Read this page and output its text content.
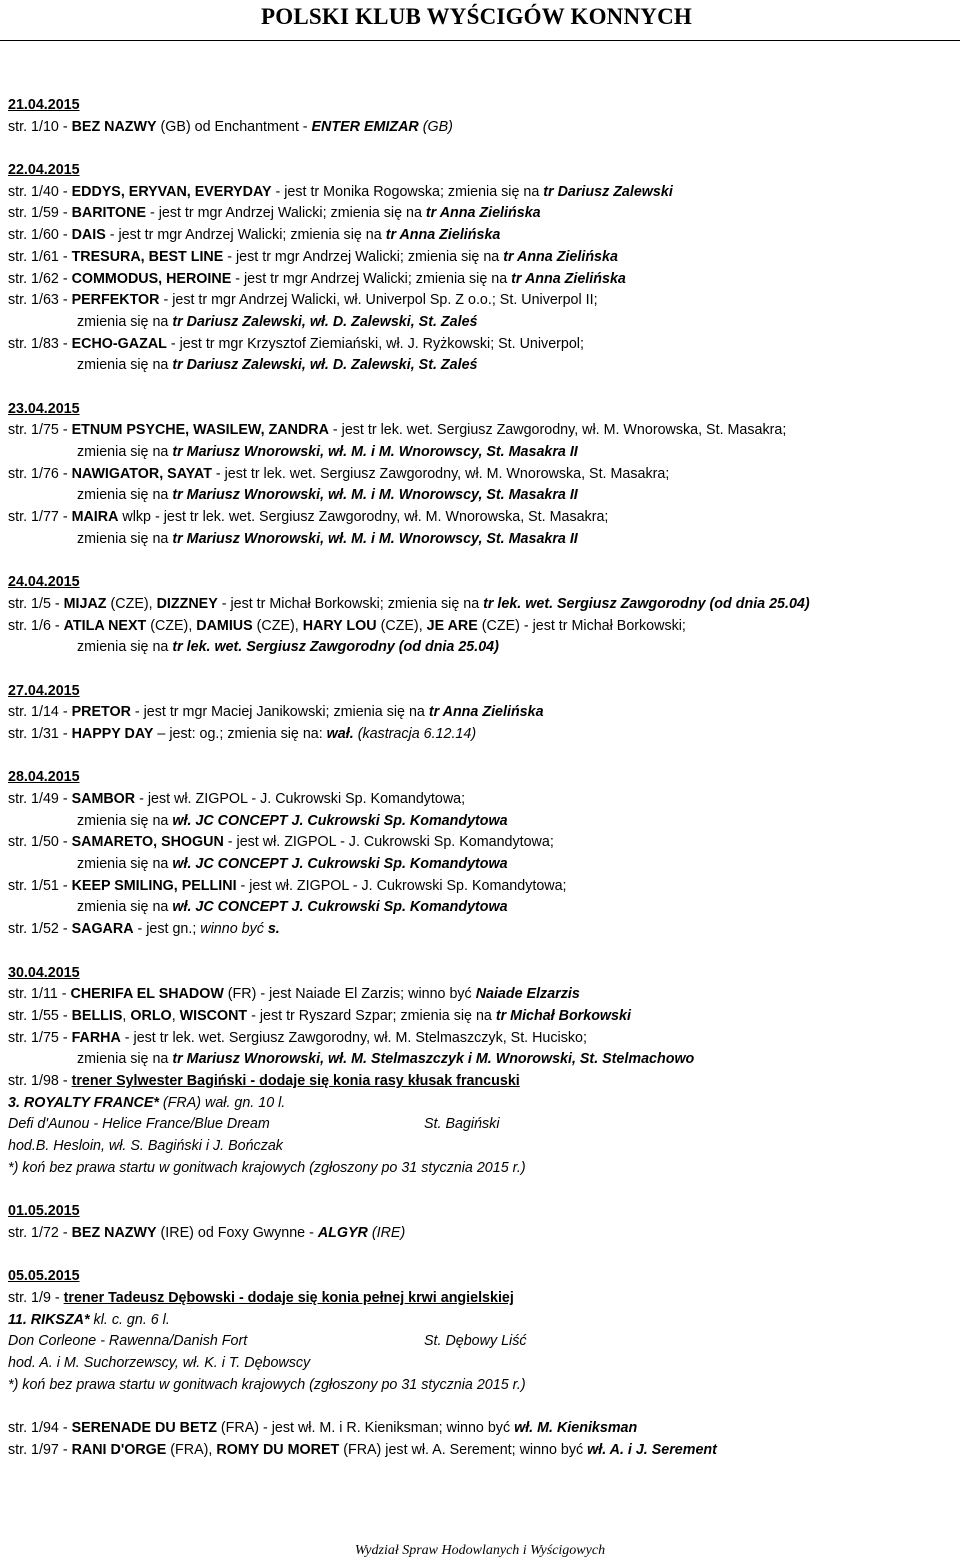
POLSKI KLUB WYŚCIGÓW KONNYCH
21.04.2015
str. 1/10 - BEZ NAZWY (GB) od Enchantment - ENTER EMIZAR (GB)
22.04.2015
str. 1/40 - EDDYS, ERYVAN, EVERYDAY - jest tr Monika Rogowska; zmienia się na tr Dariusz Zalewski
str. 1/59 - BARITONE - jest tr mgr Andrzej Walicki; zmienia się na tr Anna Zielińska
str. 1/60 - DAIS - jest tr mgr Andrzej Walicki; zmienia się na tr Anna Zielińska
str. 1/61 - TRESURA, BEST LINE - jest tr mgr Andrzej Walicki; zmienia się na tr Anna Zielińska
str. 1/62 - COMMODUS, HEROINE - jest tr mgr Andrzej Walicki; zmienia się na tr Anna Zielińska
str. 1/63 - PERFEKTOR - jest tr mgr Andrzej Walicki, wł. Univerpol Sp. Z o.o.; St. Univerpol II;
zmienia się na tr Dariusz Zalewski, wł. D. Zalewski, St. Zaleś
str. 1/83 - ECHO-GAZAL - jest tr mgr Krzysztof Ziemiański, wł. J. Ryżkowski; St. Univerpol;
zmienia się na tr Dariusz Zalewski, wł. D. Zalewski, St. Zaleś
23.04.2015
str. 1/75 - ETNUM PSYCHE, WASILEW, ZANDRA - jest tr lek. wet. Sergiusz Zawgorodny, wł. M. Wnorowska, St. Masakra;
zmienia się na tr Mariusz Wnorowski, wł. M. i M. Wnorowscy, St. Masakra II
str. 1/76 - NAWIGATOR, SAYAT - jest tr lek. wet. Sergiusz Zawgorodny, wł. M. Wnorowska, St. Masakra;
zmienia się na tr Mariusz Wnorowski, wł. M. i M. Wnorowscy, St. Masakra II
str. 1/77 - MAIRA wlkp - jest tr lek. wet. Sergiusz Zawgorodny, wł. M. Wnorowska, St. Masakra;
zmienia się na tr Mariusz Wnorowski, wł. M. i M. Wnorowscy, St. Masakra II
24.04.2015
str. 1/5 - MIJAZ (CZE), DIZZNEY - jest tr Michał Borkowski; zmienia się na tr lek. wet. Sergiusz Zawgorodny (od dnia 25.04)
str. 1/6 - ATILA NEXT (CZE), DAMIUS (CZE), HARY LOU (CZE), JE ARE (CZE) - jest tr Michał Borkowski;
zmienia się na tr lek. wet. Sergiusz Zawgorodny (od dnia 25.04)
27.04.2015
str. 1/14 - PRETOR - jest tr mgr Maciej Janikowski; zmienia się na tr Anna Zielińska
str. 1/31 - HAPPY DAY – jest: og.; zmienia się na: wał. (kastracja 6.12.14)
28.04.2015
str. 1/49 - SAMBOR - jest wł. ZIGPOL - J. Cukrowski Sp. Komandytowa;
zmienia się na wł. JC CONCEPT J. Cukrowski Sp. Komandytowa
str. 1/50 - SAMARETO, SHOGUN - jest wł. ZIGPOL - J. Cukrowski Sp. Komandytowa;
zmienia się na wł. JC CONCEPT J. Cukrowski Sp. Komandytowa
str. 1/51 - KEEP SMILING, PELLINI - jest wł. ZIGPOL - J. Cukrowski Sp. Komandytowa;
zmienia się na wł. JC CONCEPT J. Cukrowski Sp. Komandytowa
str. 1/52 - SAGARA - jest gn.; winno być s.
30.04.2015
str. 1/11 - CHERIFA EL SHADOW (FR) - jest Naiade El Zarzis; winno być Naiade Elzarzis
str. 1/55 - BELLIS, ORLO, WISCONT - jest tr Ryszard Szpar; zmienia się na tr Michał Borkowski
str. 1/75 - FARHA - jest tr lek. wet. Sergiusz Zawgorodny, wł. M. Stelmaszczyk, St. Hucisko;
zmienia się na tr Mariusz Wnorowski, wł. M. Stelmaszczyk i M. Wnorowski, St. Stelmachowo
str. 1/98 - trener Sylwester Bagiński - dodaje się konia rasy kłusak francuski
3. ROYALTY FRANCE* (FRA) wał. gn. 10 l.
Defi d'Aunou - Helice France/Blue Dream	St. Bagiński
hod.B. Hesloin, wł. S. Bagiński i J. Bończak
*) koń bez prawa startu w gonitwach krajowych (zgłoszony po 31 stycznia 2015 r.)
01.05.2015
str. 1/72 - BEZ NAZWY (IRE) od Foxy Gwynne - ALGYR (IRE)
05.05.2015
str. 1/9 - trener Tadeusz Dębowski - dodaje się konia pełnej krwi angielskiej
11. RIKSZA* kl. c. gn. 6 l.
Don Corleone - Rawenna/Danish Fort	St. Dębowy Liść
hod. A. i M. Suchorzewscy, wł. K. i T. Dębowscy
*) koń bez prawa startu w gonitwach krajowych (zgłoszony po 31 stycznia 2015 r.)
str. 1/94 - SERENADE DU BETZ (FRA) - jest wł. M. i R. Kieniksman; winno być wł. M. Kieniksman
str. 1/97 - RANI D'ORGE (FRA), ROMY DU MORET (FRA) jest wł. A. Serement; winno być wł. A. i J. Serement
Wydział Spraw Hodowlanych i Wyścigowych
